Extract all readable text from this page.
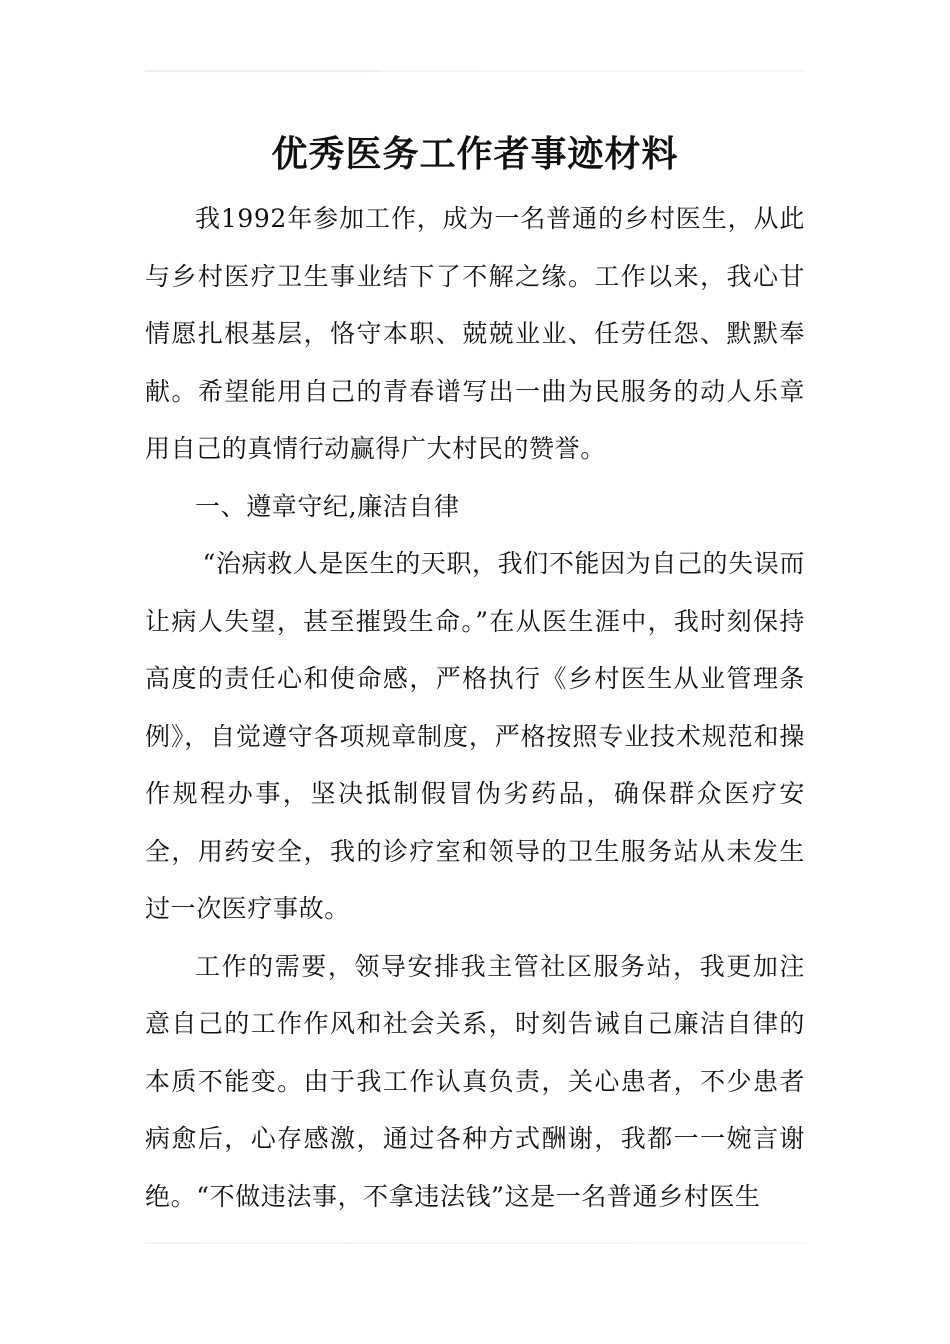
优秀医务工作者事迹材料

我1992年参加工作，成为一名普通的乡村医生，从此与乡村医疗卫生事业结下了不解之缘。工作以来，我心甘情愿扎根基层，恪守本职、兢兢业业、任劳任怨、默默奉献。希望能用自己的青春谱写出一曲为民服务的动人乐章用自己的真情行动赢得广大村民的赞誉。

一、遵章守纪,廉洁自律

“治病救人是医生的天职，我们不能因为自己的失误而让病人失望，甚至摧毁生命。”在从医生涯中，我时刻保持高度的责任心和使命感，严格执行《乡村医生从业管理条例》，自觉遵守各项规章制度，严格按照专业技术规范和操作规程办事，坚决抵制假冒伪劣药品，确保群众医疗安全，用药安全，我的诊疗室和领导的卫生服务站从未发生过一次医疗事故。

工作的需要，领导安排我主管社区服务站，我更加注意自己的工作作风和社会关系，时刻告诫自己廉洁自律的本质不能变。由于我工作认真负责，关心患者，不少患者病愈后，心存感激，通过各种方式酬谢，我都一一婉言谢绝。“不做违法事，不拿违法钱”这是一名普通乡村医生
